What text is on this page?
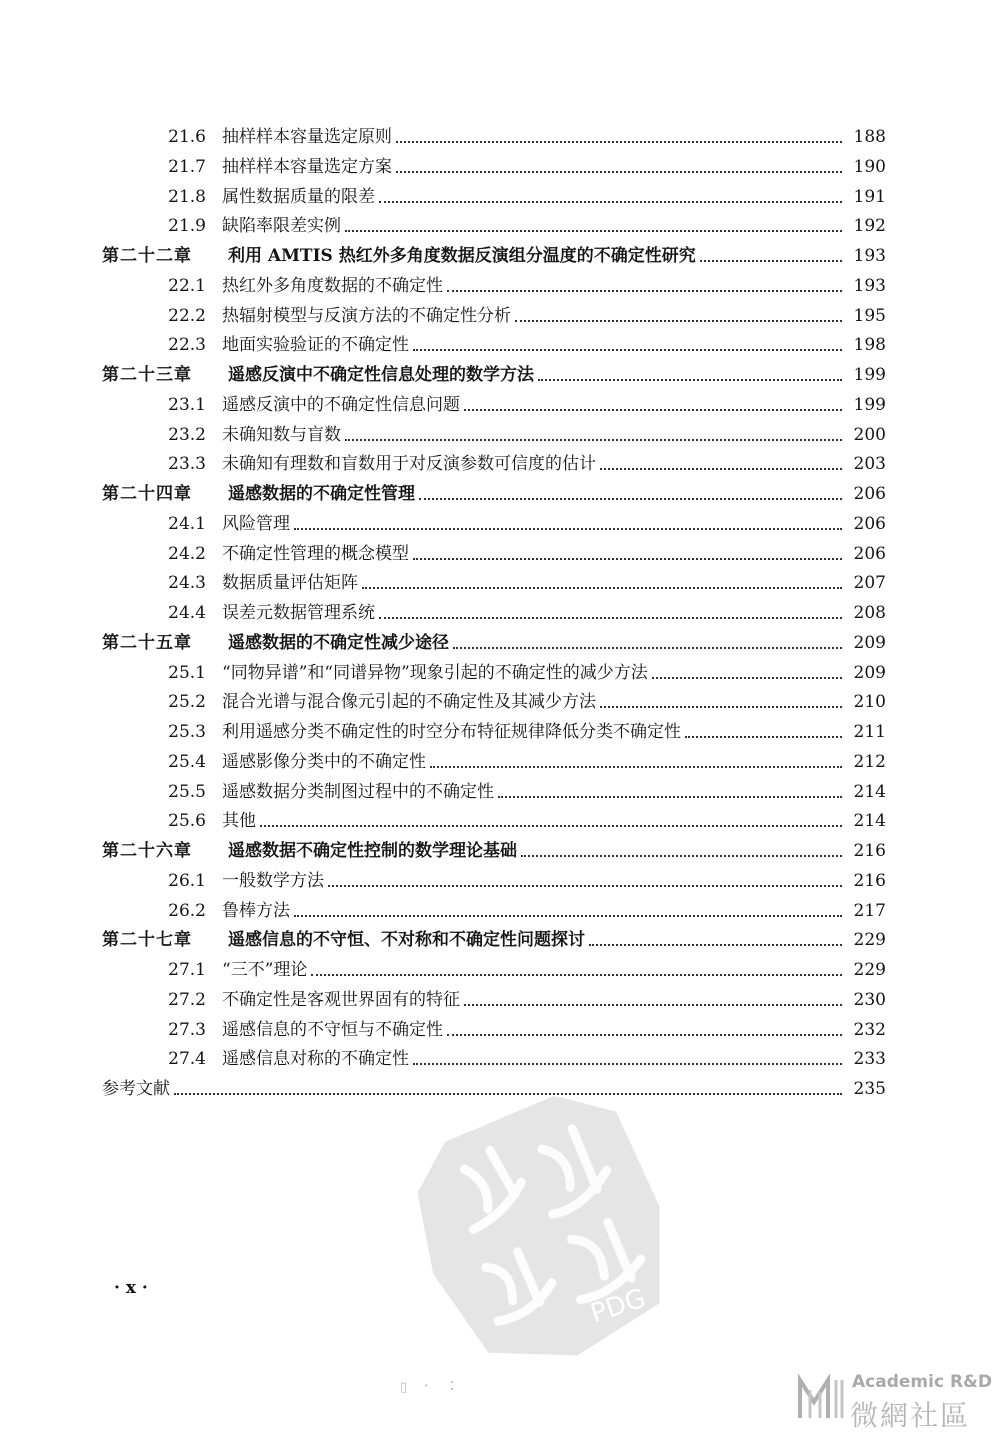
21.6 抽样样本容量选定原则	188
21.7 抽样样本容量选定方案	190
21.8 属性数据质量的限差	191
21.9 缺陷率限差实例	192
第二十二章	利用 AMTIS 热红外多角度数据反演组分温度的不确定性研究	193
22.1 热红外多角度数据的不确定性	193
22.2 热辐射模型与反演方法的不确定性分析	195
22.3 地面实验验证的不确定性	198
第二十三章	遥感反演中不确定性信息处理的数学方法	199
23.1 遥感反演中的不确定性信息问题	199
23.2 未确知数与盲数	200
23.3 未确知有理数和盲数用于对反演参数可信度的估计	203
第二十四章	遥感数据的不确定性管理	206
24.1 风险管理	206
24.2 不确定性管理的概念模型	206
24.3 数据质量评估矩阵	207
24.4 误差元数据管理系统	208
第二十五章	遥感数据的不确定性减少途径	209
25.1 “同物异谱”和“同谱异物”现象引起的不确定性的减少方法	209
25.2 混合光谱与混合像元引起的不确定性及其减少方法	210
25.3 利用遥感分类不确定性的时空分布特征规律降低分类不确定性	211
25.4 遥感影像分类中的不确定性	212
25.5 遥感数据分类制图过程中的不确定性	214
25.6 其他	214
第二十六章	遥感数据不确定性控制的数学理论基础	216
26.1 一般数学方法	216
26.2 鲁棒方法	217
第二十七章	遥感信息的不守恒、不对称和不确定性问题探讨	229
27.1 “三不”理论	229
27.2 不确定性是客观世界固有的特征	230
27.3 遥感信息的不守恒与不确定性	232
27.4 遥感信息对称的不确定性	233
参考文献	235
· x ·	PDG
▯ ⠂ ⠅	Academic R&D
微網社區
